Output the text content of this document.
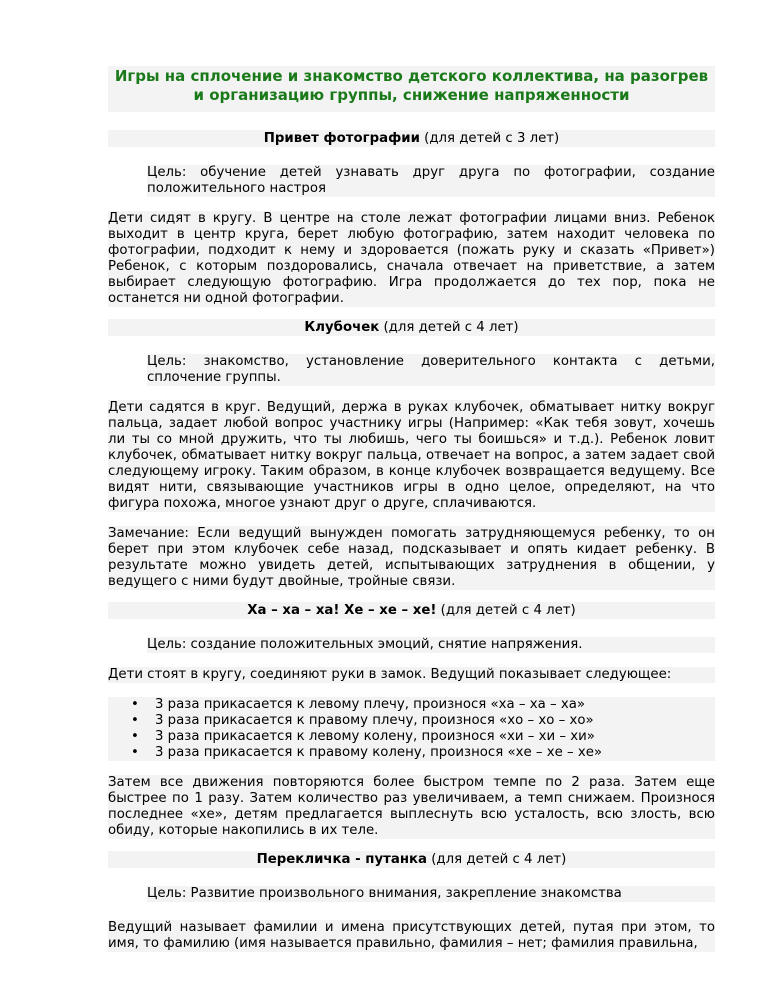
Игры на сплочение и знакомство детского коллектива, на разогрев и организацию группы, снижение напряженности
Привет фотографии (для детей с 3 лет)
Цель: обучение детей узнавать друг друга по фотографии, создание положительного настроя
Дети сидят в кругу. В центре на столе лежат фотографии лицами вниз. Ребенок выходит в центр круга, берет любую фотографию, затем находит человека по фотографии, подходит к нему и здоровается (пожать руку и сказать «Привет») Ребенок, с которым поздоровались, сначала отвечает на приветствие, а затем выбирает следующую фотографию. Игра продолжается до тех пор, пока не останется ни одной фотографии.
Клубочек (для детей с 4 лет)
Цель: знакомство, установление доверительного контакта с детьми, сплочение группы.
Дети садятся в круг. Ведущий, держа в руках клубочек, обматывает нитку вокруг пальца, задает любой вопрос участнику игры (Например: «Как тебя зовут, хочешь ли ты со мной дружить, что ты любишь, чего ты боишься» и т.д.). Ребенок ловит клубочек, обматывает нитку вокруг пальца, отвечает на вопрос, а затем задает свой следующему игроку. Таким образом, в конце клубочек возвращается ведущему. Все видят нити, связывающие участников игры в одно целое, определяют, на что фигура похожа, многое узнают друг о друге, сплачиваются.
Замечание: Если ведущий вынужден помогать затрудняющемуся ребенку, то он берет при этом клубочек себе назад, подсказывает и опять кидает ребенку. В результате можно увидеть детей, испытывающих затруднения в общении, у ведущего с ними будут двойные, тройные связи.
Ха – ха – ха! Хе – хе – хе! (для детей с 4 лет)
Цель: создание положительных эмоций, снятие напряжения.
Дети стоят в кругу, соединяют руки в замок. Ведущий показывает следующее:
• 3 раза прикасается к левому плечу, произнося «ха – ха – ха»
• 3 раза прикасается к правому плечу, произнося «хо – хо – хо»
• 3 раза прикасается к левому колену, произнося «хи – хи – хи»
• 3 раза прикасается к правому колену, произнося «хе – хе – хе»
Затем все движения повторяются более быстром темпе по 2 раза. Затем еще быстрее по 1 разу. Затем количество раз увеличиваем, а темп снижаем. Произнося последнее «хе», детям предлагается выплеснуть всю усталость, всю злость, всю обиду, которые накопились в их теле.
Перекличка - путанка (для детей с 4 лет)
Цель: Развитие произвольного внимания, закрепление знакомства
Ведущий называет фамилии и имена присутствующих детей, путая при этом, то имя, то фамилию (имя называется правильно, фамилия – нет; фамилия правильна,
